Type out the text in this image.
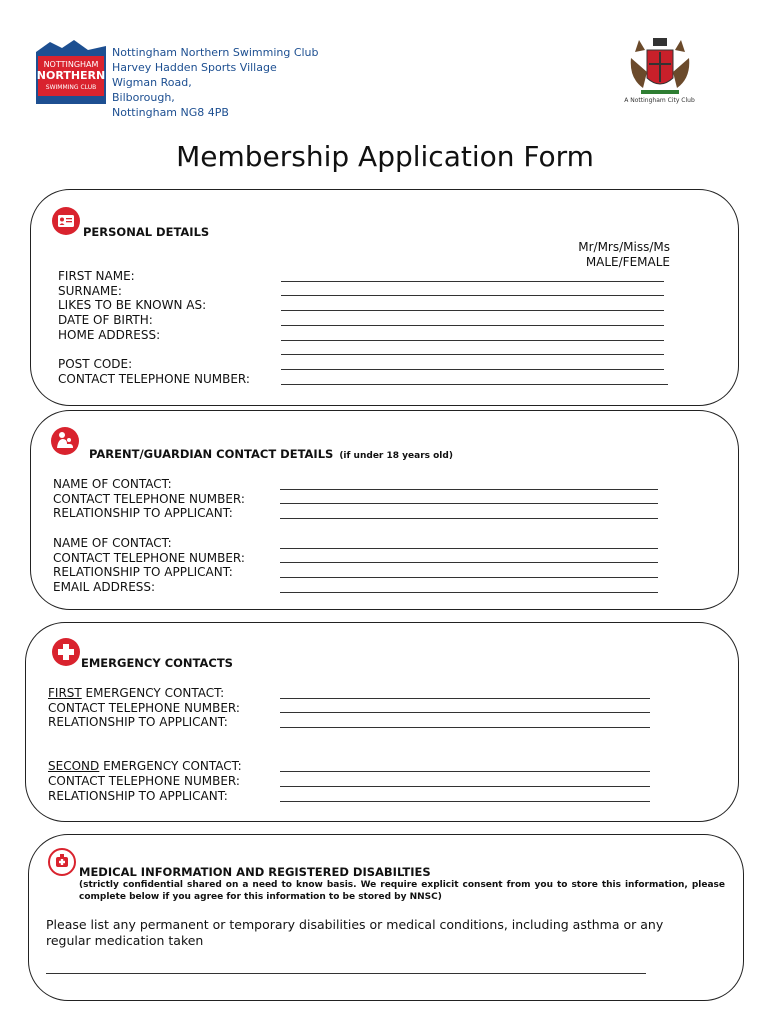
NOTTINGHAM
NORTHERN
SWIMMING CLUB
Nottingham Northern Swimming Club
Harvey Hadden Sports Village
Wigman Road,
Bilborough,
Nottingham NG8 4PB
A Nottingham City Club
Membership Application Form
PERSONAL DETAILS
Mr/Mrs/Miss/Ms
MALE/FEMALE
FIRST NAME:
SURNAME:
LIKES TO BE KNOWN AS:
DATE OF BIRTH:
HOME ADDRESS:
POST CODE:
CONTACT TELEPHONE NUMBER:
PARENT/GUARDIAN CONTACT DETAILS (if under 18 years old)
NAME OF CONTACT:
CONTACT TELEPHONE NUMBER:
RELATIONSHIP TO APPLICANT:
NAME OF CONTACT:
CONTACT TELEPHONE NUMBER:
RELATIONSHIP TO APPLICANT:
EMAIL ADDRESS:
EMERGENCY CONTACTS
FIRST EMERGENCY CONTACT:
CONTACT TELEPHONE NUMBER:
RELATIONSHIP TO APPLICANT:
SECOND EMERGENCY CONTACT:
CONTACT TELEPHONE NUMBER:
RELATIONSHIP TO APPLICANT:
MEDICAL INFORMATION AND REGISTERED DISABILTIES
(strictly confidential shared on a need to know basis. We require explicit consent from you to store this information, please complete below if you agree for this information to be stored by NNSC)
Please list any permanent or temporary disabilities or medical conditions, including asthma or any regular medication taken
